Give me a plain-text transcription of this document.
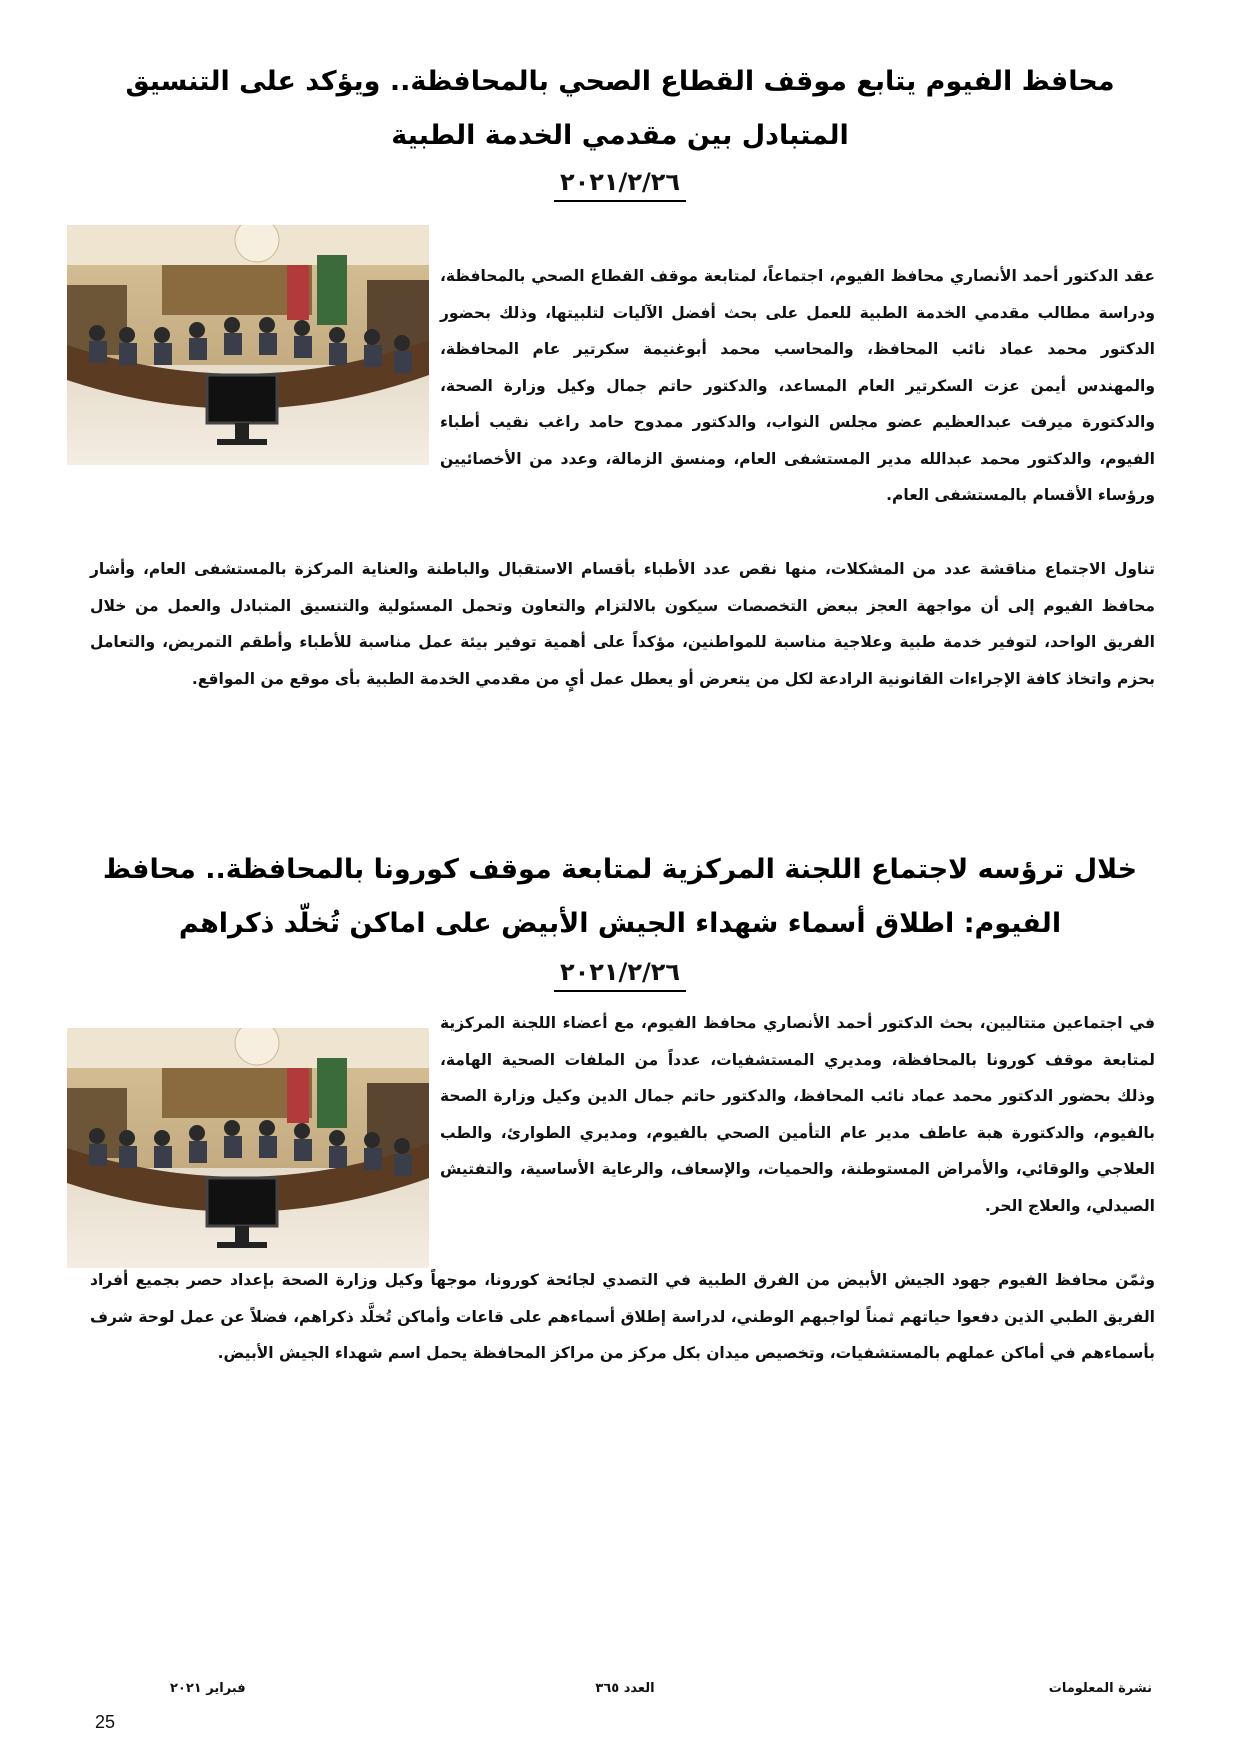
محافظ الفيوم يتابع موقف القطاع الصحي بالمحافظة.. ويؤكد على التنسيق المتبادل بين مقدمي الخدمة الطبية
٢٠٢١/٢/٢٦
عقد الدكتور أحمد الأنصاري محافظ الفيوم، اجتماعاً، لمتابعة موقف القطاع الصحي بالمحافظة، ودراسة مطالب مقدمي الخدمة الطبية للعمل على بحث أفضل الآليات لتلبيتها، وذلك بحضور الدكتور محمد عماد نائب المحافظ، والمحاسب محمد أبوغنيمة سكرتير عام المحافظة، والمهندس أيمن عزت السكرتير العام المساعد، والدكتور حاتم جمال وكيل وزارة الصحة، والدكتورة ميرفت عبدالعظيم عضو مجلس النواب، والدكتور ممدوح حامد راغب نقيب أطباء الفيوم، والدكتور محمد عبدالله مدير المستشفى العام، ومنسق الزمالة، وعدد من الأخصائيين ورؤساء الأقسام بالمستشفى العام.
تناول الاجتماع مناقشة عدد من المشكلات، منها نقص عدد الأطباء بأقسام الاستقبال والباطنة والعناية المركزة بالمستشفى العام، وأشار محافظ الفيوم إلى أن مواجهة العجز ببعض التخصصات سيكون بالالتزام والتعاون وتحمل المسئولية والتنسيق المتبادل والعمل من خلال الفريق الواحد، لتوفير خدمة طبية وعلاجية مناسبة للمواطنين، مؤكداً على أهمية توفير بيئة عمل مناسبة للأطباء وأطقم التمريض، والتعامل بحزم واتخاذ كافة الإجراءات القانونية الرادعة لكل من يتعرض أو يعطل عمل أيٍ من مقدمي الخدمة الطبية بأى موقع من المواقع.
خلال ترؤسه لاجتماع اللجنة المركزية لمتابعة موقف كورونا بالمحافظة.. محافظ الفيوم: اطلاق أسماء شهداء الجيش الأبيض على اماكن تُخلّد ذكراهم
٢٠٢١/٢/٢٦
في اجتماعين متتاليين، بحث الدكتور أحمد الأنصاري محافظ الفيوم، مع أعضاء اللجنة المركزية لمتابعة موقف كورونا بالمحافظة، ومديري المستشفيات، عدداً من الملفات الصحية الهامة، وذلك بحضور الدكتور محمد عماد نائب المحافظ، والدكتور حاتم جمال الدين وكيل وزارة الصحة بالفيوم، والدكتورة هبة عاطف مدير عام التأمين الصحي بالفيوم، ومديري الطوارئ، والطب العلاجي والوقائي، والأمراض المستوطنة، والحميات، والإسعاف، والرعاية الأساسية، والتفتيش الصيدلي، والعلاج الحر.
وثمّن محافظ الفيوم جهود الجيش الأبيض من الفرق الطبية في التصدي لجائحة كورونا، موجهاً وكيل وزارة الصحة بإعداد حصر بجميع أفراد الفريق الطبي الذين دفعوا حياتهم ثمناً لواجبهم الوطني، لدراسة إطلاق أسماءهم على قاعات وأماكن تُخلَّد ذكراهم، فضلاً عن عمل لوحة شرف بأسماءهم في أماكن عملهم بالمستشفيات، وتخصيص ميدان بكل مركز من مراكز المحافظة يحمل اسم شهداء الجيش الأبيض.
نشرة المعلومات
العدد ٣٦٥
فبراير ٢٠٢١
25
